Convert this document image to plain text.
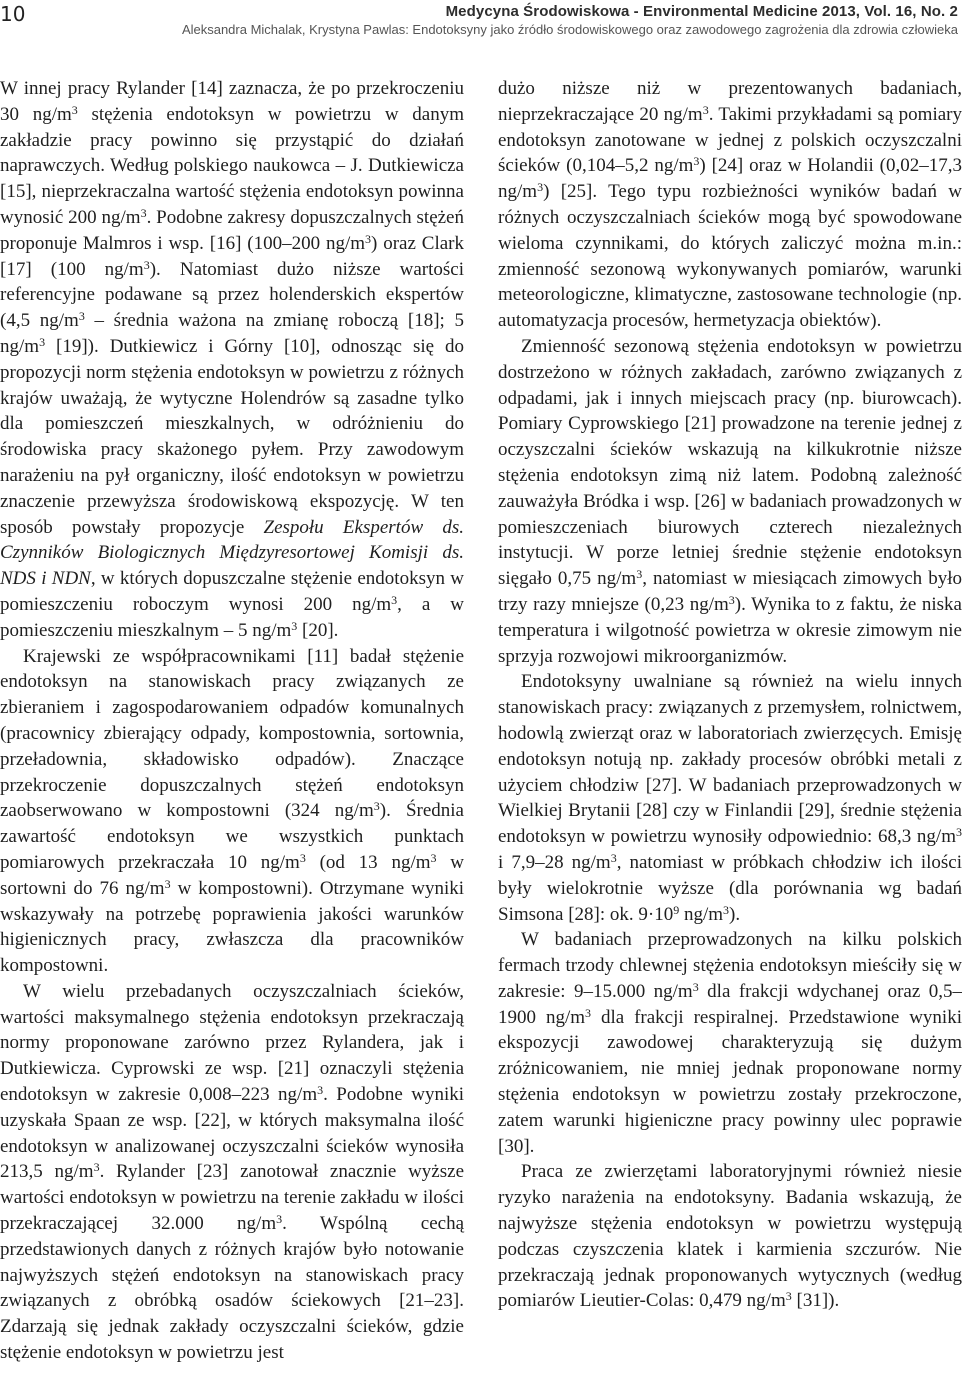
10	Medycyna Środowiskowa - Environmental Medicine 2013, Vol. 16, No. 2
Aleksandra Michalak, Krystyna Pawlas: Endotoksyny jako źródło środowiskowego oraz zawodowego zagrożenia dla zdrowia człowieka

W innej pracy Rylander [14] zaznacza, że po przekroczeniu 30 $ng/m^3$ stężenia endotoksyn w powietrzu w danym zakładzie pracy powinno się przystąpić do działań naprawczych. Według polskiego naukowca – J. Dutkiewicza [15], nieprzekraczalna wartość stężenia endotoksyn powinna wynosić 200 $ng/m^3$. Podobne zakresy dopuszczalnych stężeń proponuje Malmros i wsp. [16] (100–200 $ng/m^3$) oraz Clark [17] (100 $ng/m^3$). Natomiast dużo niższe wartości referencyjne podawane są przez holenderskich ekspertów (4,5 $ng/m^3$ – średnia ważona na zmianę roboczą [18]; 5 $ng/m^3$ [19]). Dutkiewicz i Górny [10], odnosząc się do propozycji norm stężenia endotoksyn w powietrzu z różnych krajów uważają, że wytyczne Holendrów są zasadne tylko dla pomieszczeń mieszkalnych, w odróżnieniu do środowiska pracy skażonego pyłem. Przy zawodowym narażeniu na pył organiczny, ilość endotoksyn w powietrzu znaczenie przewyższa środowiskową ekspozycję. W ten sposób powstały propozycje Zespołu Ekspertów ds. Czynników Biologicznych Międzyresortowej Komisji ds. NDS i NDN, w których dopuszczalne stężenie endotoksyn w pomieszczeniu roboczym wynosi 200 $ng/m^3$, a w pomieszczeniu mieszkalnym – 5 $ng/m^3$ [20].

Krajewski ze współpracownikami [11] badał stężenie endotoksyn na stanowiskach pracy związanych ze zbieraniem i zagospodarowaniem odpadów komunalnych (pracownicy zbierający odpady, kompostownia, sortownia, przeładownia, składowisko odpadów). Znaczące przekroczenie dopuszczalnych stężeń endotoksyn zaobserwowano w kompostowni (324 $ng/m^3$). Średnia zawartość endotoksyn we wszystkich punktach pomiarowych przekraczała 10 $ng/m^3$ (od 13 $ng/m^3$ w sortowni do 76 $ng/m^3$ w kompostowni). Otrzymane wyniki wskazywały na potrzebę poprawienia jakości warunków higienicznych pracy, zwłaszcza dla pracowników kompostowni.

W wielu przebadanych oczyszczalniach ścieków, wartości maksymalnego stężenia endotoksyn przekraczają normy proponowane zarówno przez Rylandera, jak i Dutkiewicza. Cyprowski ze wsp. [21] oznaczyli stężenia endotoksyn w zakresie 0,008–223 $ng/m^3$. Podobne wyniki uzyskała Spaan ze wsp. [22], w których maksymalna ilość endotoksyn w analizowanej oczyszczalni ścieków wynosiła 213,5 $ng/m^3$. Rylander [23] zanotował znacznie wyższe wartości endotoksyn w powietrzu na terenie zakładu w ilości przekraczającej 32.000 $ng/m^3$. Wspólną cechą przedstawionych danych z różnych krajów było notowanie najwyższych stężeń endotoksyn na stanowiskach pracy związanych z obróbką osadów ściekowych [21–23]. Zdarzają się jednak zakłady oczyszczalni ścieków, gdzie stężenie endotoksyn w powietrzu jest

dużo niższe niż w prezentowanych badaniach, nieprzekraczające 20 $ng/m^3$. Takimi przykładami są pomiary endotoksyn zanotowane w jednej z polskich oczyszczalni ścieków (0,104–5,2 $ng/m^3$) [24] oraz w Holandii (0,02–17,3 $ng/m^3$) [25]. Tego typu rozbieżności wyników badań w różnych oczyszczalniach ścieków mogą być spowodowane wieloma czynnikami, do których zaliczyć można m.in.: zmienność sezonową wykonywanych pomiarów, warunki meteorologiczne, klimatyczne, zastosowane technologie (np. automatyzacja procesów, hermetyzacja obiektów).

Zmienność sezonową stężenia endotoksyn w powietrzu dostrzeżono w różnych zakładach, zarówno związanych z odpadami, jak i innych miejscach pracy (np. biurowcach). Pomiary Cyprowskiego [21] prowadzone na terenie jednej z oczyszczalni ścieków wskazują na kilkukrotnie niższe stężenia endotoksyn zimą niż latem. Podobną zależność zauważyła Bródka i wsp. [26] w badaniach prowadzonych w pomieszczeniach biurowych czterech niezależnych instytucji. W porze letniej średnie stężenie endotoksyn sięgało 0,75 $ng/m^3$, natomiast w miesiącach zimowych było trzy razy mniejsze (0,23 $ng/m^3$). Wynika to z faktu, że niska temperatura i wilgotność powietrza w okresie zimowym nie sprzyja rozwojowi mikroorganizmów.

Endotoksyny uwalniane są również na wielu innych stanowiskach pracy: związanych z przemysłem, rolnictwem, hodowlą zwierząt oraz w laboratoriach zwierzęcych. Emisję endotoksyn notują np. zakłady procesów obróbki metali z użyciem chłodziw [27]. W badaniach przeprowadzonych w Wielkiej Brytanii [28] czy w Finlandii [29], średnie stężenia endotoksyn w powietrzu wynosiły odpowiednio: 68,3 $ng/m^3$ i 7,9–28 $ng/m^3$, natomiast w próbkach chłodziw ich ilości były wielokrotnie wyższe (dla porównania wg badań Simsona [28]: ok. $9\cdot 10^9$ $ng/m^3$).

W badaniach przeprowadzonych na kilku polskich fermach trzody chlewnej stężenia endotoksyn mieściły się w zakresie: 9–15.000 $ng/m^3$ dla frakcji wdychanej oraz 0,5–1900 $ng/m^3$ dla frakcji respiralnej. Przedstawione wyniki ekspozycji zawodowej charakteryzują się dużym zróżnicowaniem, nie mniej jednak proponowane normy stężenia endotoksyn w powietrzu zostały przekroczone, zatem warunki higieniczne pracy powinny ulec poprawie [30].

Praca ze zwierzętami laboratoryjnymi również niesie ryzyko narażenia na endotoksyny. Badania wskazują, że najwyższe stężenia endotoksyn w powietrzu występują podczas czyszczenia klatek i karmienia szczurów. Nie przekraczają jednak proponowanych wytycznych (według pomiarów Lieutier-Colas: 0,479 $ng/m^3$ [31]).
